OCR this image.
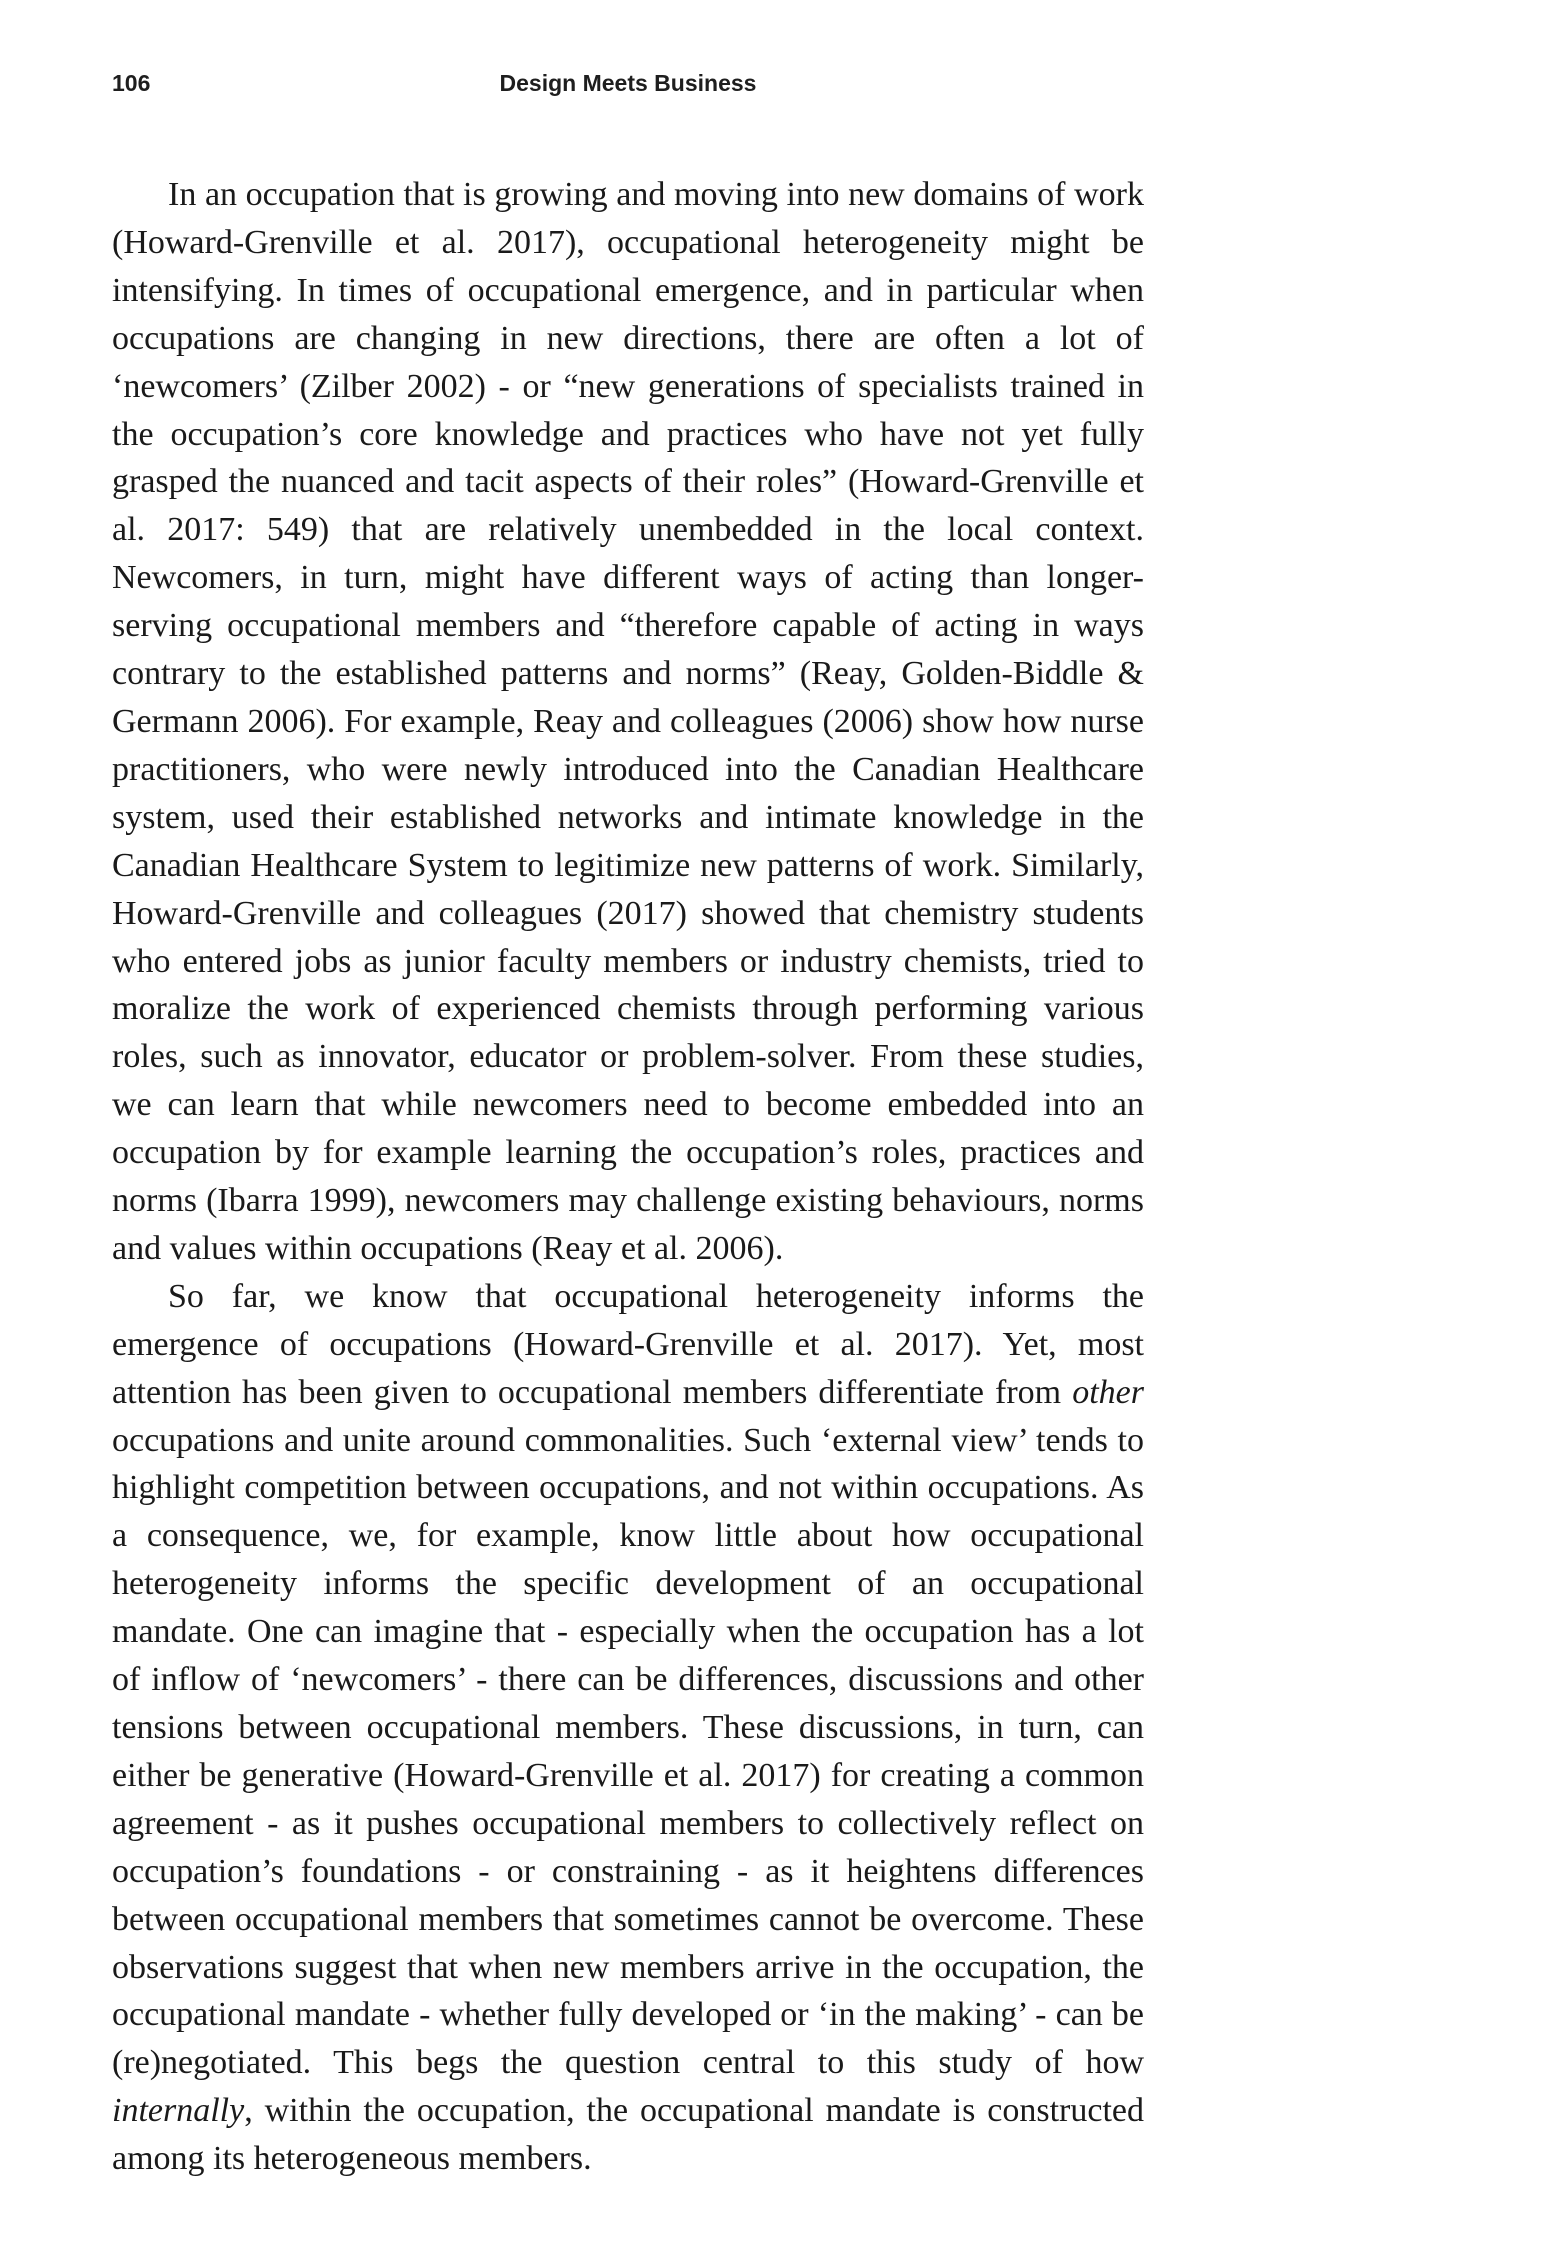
106	Design Meets Business

In an occupation that is growing and moving into new domains of work (Howard-Grenville et al. 2017), occupational heterogeneity might be intensifying. In times of occupational emergence, and in particular when occupations are changing in new directions, there are often a lot of ‘newcomers’ (Zilber 2002) - or “new generations of specialists trained in the occupation’s core knowledge and practices who have not yet fully grasped the nuanced and tacit aspects of their roles” (Howard-Grenville et al. 2017: 549) that are relatively unembedded in the local context. Newcomers, in turn, might have different ways of acting than longer-serving occupational members and “therefore capable of acting in ways contrary to the established patterns and norms” (Reay, Golden-Biddle & Germann 2006). For example, Reay and colleagues (2006) show how nurse practitioners, who were newly introduced into the Canadian Healthcare system, used their established networks and intimate knowledge in the Canadian Healthcare System to legitimize new patterns of work. Similarly, Howard-Grenville and colleagues (2017) showed that chemistry students who entered jobs as junior faculty members or industry chemists, tried to moralize the work of experienced chemists through performing various roles, such as innovator, educator or problem-solver. From these studies, we can learn that while newcomers need to become embedded into an occupation by for example learning the occupation’s roles, practices and norms (Ibarra 1999), newcomers may challenge existing behaviours, norms and values within occupations (Reay et al. 2006).

So far, we know that occupational heterogeneity informs the emergence of occupations (Howard-Grenville et al. 2017). Yet, most attention has been given to occupational members differentiate from other occupations and unite around commonalities. Such ‘external view’ tends to highlight competition between occupations, and not within occupations. As a consequence, we, for example, know little about how occupational heterogeneity informs the specific development of an occupational mandate. One can imagine that - especially when the occupation has a lot of inflow of ‘newcomers’ - there can be differences, discussions and other tensions between occupational members. These discussions, in turn, can either be generative (Howard-Grenville et al. 2017) for creating a common agreement - as it pushes occupational members to collectively reflect on occupation’s foundations - or constraining - as it heightens differences between occupational members that sometimes cannot be overcome. These observations suggest that when new members arrive in the occupation, the occupational mandate - whether fully developed or ‘in the making’ - can be (re)negotiated. This begs the question central to this study of how internally, within the occupation, the occupational mandate is constructed among its heterogeneous members.
